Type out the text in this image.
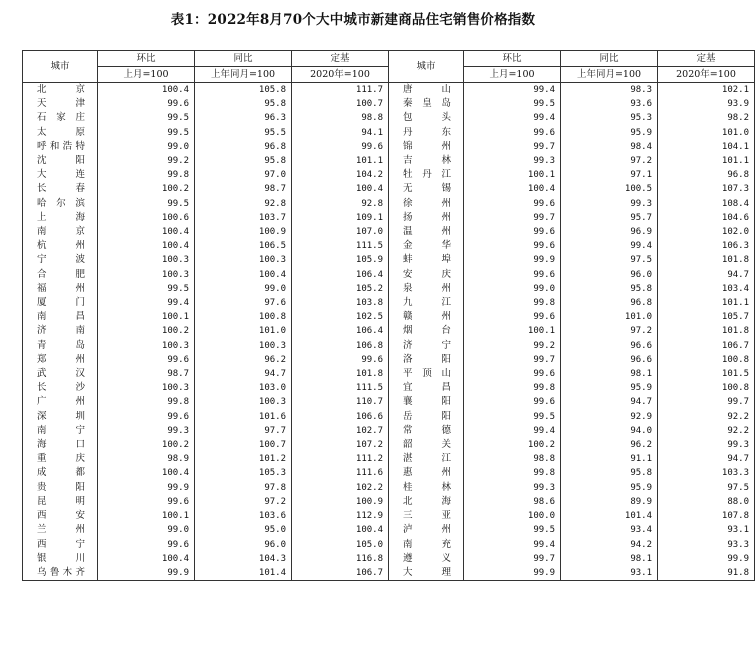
表1：2022年8月70个大中城市新建商品住宅销售价格指数
城市	环比	同比	定基	城市	环比	同比	定基
	上月=100	上年同月=100	2020年=100		上月=100	上年同月=100	2020年=100
北京	100.4	105.8	111.7	唐山	99.4	98.3	102.1
天津	99.6	95.8	100.7	秦皇岛	99.5	93.6	93.9
石家庄	99.5	96.3	98.8	包头	99.4	95.3	98.2
太原	99.5	95.5	94.1	丹东	99.6	95.9	101.0
呼和浩特	99.0	96.8	99.6	锦州	99.7	98.4	104.1
沈阳	99.2	95.8	101.1	吉林	99.3	97.2	101.1
大连	99.8	97.0	104.2	牡丹江	100.1	97.1	96.8
长春	100.2	98.7	100.4	无锡	100.4	100.5	107.3
哈尔滨	99.5	92.8	92.8	徐州	99.6	99.3	108.4
上海	100.6	103.7	109.1	扬州	99.7	95.7	104.6
南京	100.4	100.9	107.0	温州	99.6	96.9	102.0
杭州	100.4	106.5	111.5	金华	99.6	99.4	106.3
宁波	100.3	100.3	105.9	蚌埠	99.9	97.5	101.8
合肥	100.3	100.4	106.4	安庆	99.6	96.0	94.7
福州	99.5	99.0	105.2	泉州	99.0	95.8	103.4
厦门	99.4	97.6	103.8	九江	99.8	96.8	101.1
南昌	100.1	100.8	102.5	赣州	99.6	101.0	105.7
济南	100.2	101.0	106.4	烟台	100.1	97.2	101.8
青岛	100.3	100.3	106.8	济宁	99.2	96.6	106.7
郑州	99.6	96.2	99.6	洛阳	99.7	96.6	100.8
武汉	98.7	94.7	101.8	平顶山	99.6	98.1	101.5
长沙	100.3	103.0	111.5	宜昌	99.8	95.9	100.8
广州	99.8	100.3	110.7	襄阳	99.6	94.7	99.7
深圳	99.6	101.6	106.6	岳阳	99.5	92.9	92.2
南宁	99.3	97.7	102.7	常德	99.4	94.0	92.2
海口	100.2	100.7	107.2	韶关	100.2	96.2	99.3
重庆	98.9	101.2	111.2	湛江	98.8	91.1	94.7
成都	100.4	105.3	111.6	惠州	99.8	95.8	103.3
贵阳	99.9	97.8	102.2	桂林	99.3	95.9	97.5
昆明	99.6	97.2	100.9	北海	98.6	89.9	88.0
西安	100.1	103.6	112.9	三亚	100.0	101.4	107.8
兰州	99.0	95.0	100.4	泸州	99.5	93.4	93.1
西宁	99.6	96.0	105.0	南充	99.4	94.2	93.3
银川	100.4	104.3	116.8	遵义	99.7	98.1	99.9
乌鲁木齐	99.9	101.4	106.7	大理	99.9	93.1	91.8
